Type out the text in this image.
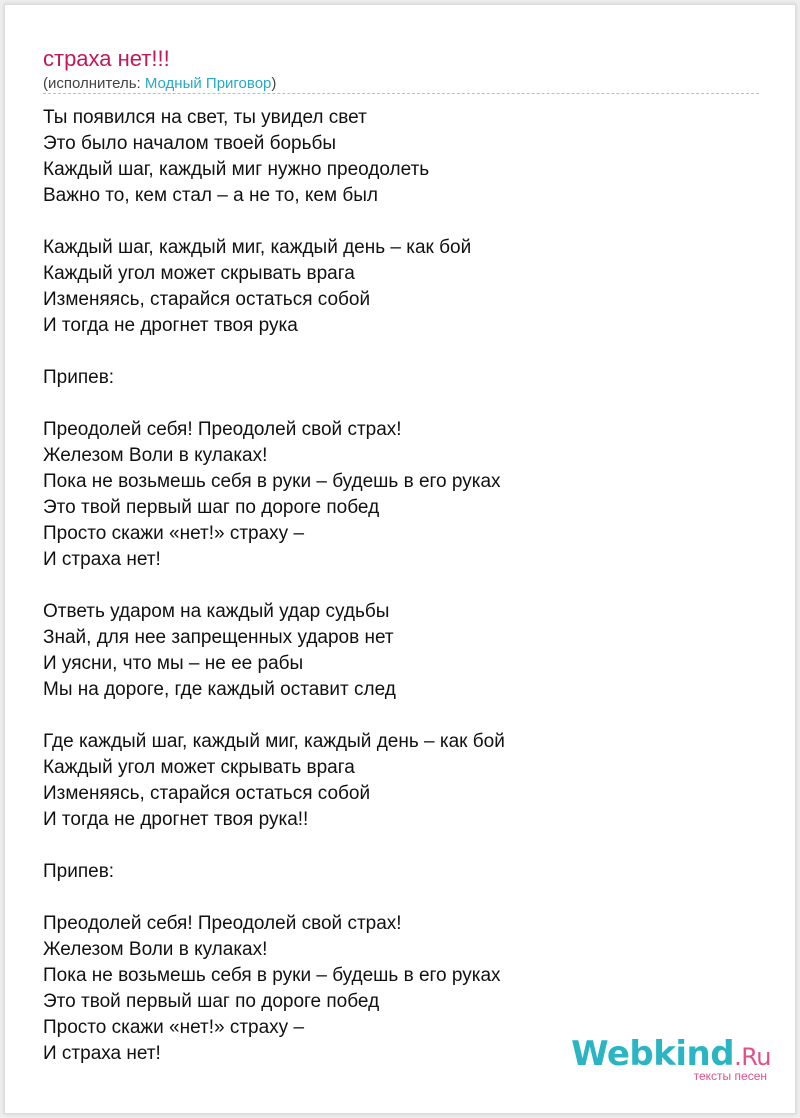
страха нет!!!
(исполнитель: Модный Приговор)
Ты появился на свет, ты увидел свет
Это было началом твоей борьбы
Каждый шаг, каждый миг нужно преодолеть
Важно то, кем стал – а не то, кем был
Каждый шаг, каждый миг, каждый день – как бой
Каждый угол может скрывать врага
Изменяясь, старайся остаться собой
И тогда не дрогнет твоя рука
Припев:
Преодолей себя! Преодолей свой страх!
Железом Воли в кулаках!
Пока не возьмешь себя в руки – будешь в его руках
Это твой первый шаг по дороге побед
Просто скажи «нет!» страху –
И страха нет!
Ответь ударом на каждый удар судьбы
Знай, для нее запрещенных ударов нет
И уясни, что мы – не ее рабы
Мы на дороге, где каждый оставит след
Где каждый шаг, каждый миг, каждый день – как бой
Каждый угол может скрывать врага
Изменяясь, старайся остаться собой
И тогда не дрогнет твоя рука!!
Припев:
Преодолей себя! Преодолей свой страх!
Железом Воли в кулаках!
Пока не возьмешь себя в руки – будешь в его руках
Это твой первый шаг по дороге побед
Просто скажи «нет!» страху –
И страха нет!	Webkind.Ru
тексты песен
